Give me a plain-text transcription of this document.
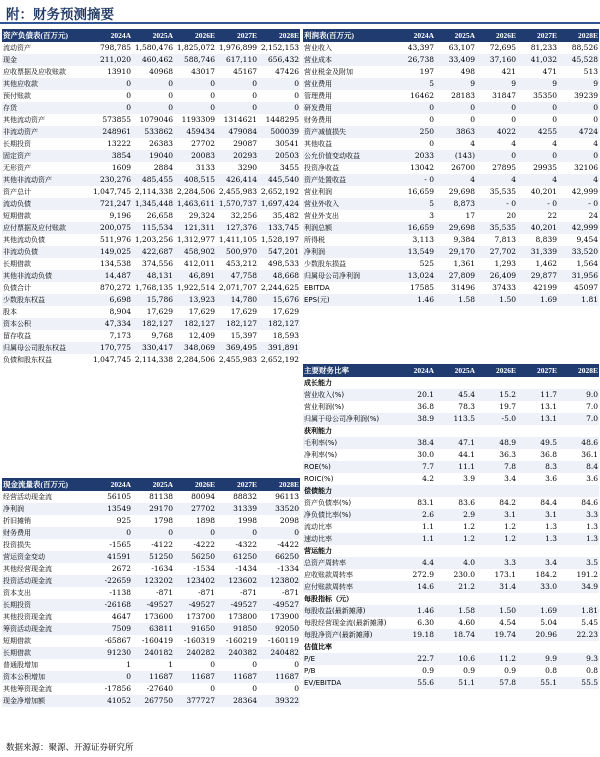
附：财务预测摘要
资产负债表(百万元)	2024A	2025A	2026E	2027E	2028E
流动资产	798,785	1,580,476	1,825,072	1,976,899	2,152,153
现金	211,020	460,462	588,746	617,110	656,432
应收票据及应收账款	13910	40968	43017	45167	47426
其他应收款	0	0	0	0	0
预付账款	0	0	0	0	0
存货	0	0	0	0	0
其他流动资产	573855	1079046	1193309	1314621	1448295
非流动资产	248961	533862	459434	479084	500039
长期投资	13222	26383	27702	29087	30541
固定资产	3854	19040	20083	20293	20503
无形资产	1609	2884	3133	3290	3455
其他非流动资产	230,276	485,455	408,515	426,414	445,540
资产总计	1,047,745	2,114,338	2,284,506	2,455,983	2,652,192
流动负债	721,247	1,345,448	1,463,611	1,570,737	1,697,424
短期借款	9,196	26,658	29,324	32,256	35,482
应付票据及应付账款	200,075	115,534	121,311	127,376	133,745
其他流动负债	511,976	1,203,256	1,312,977	1,411,105	1,528,197
非流动负债	149,025	422,687	458,902	500,970	547,201
长期借款	134,538	374,556	412,011	453,212	498,533
其他非流动负债	14,487	48,131	46,891	47,758	48,668
负债合计	870,272	1,768,135	1,922,514	2,071,707	2,244,625
少数股东权益	6,698	15,786	13,923	14,780	15,676
股本	8,904	17,629	17,629	17,629	17,629
资本公积	47,334	182,127	182,127	182,127	182,127
留存收益	7,173	9,768	12,409	15,397	18,593
归属母公司股东权益	170,775	330,417	348,069	369,495	391,891
负债和股东权益	1,047,745	2,114,338	2,284,506	2,455,983	2,652,192
利润表(百万元)	2024A	2025A	2026E	2027E	2028E
营业收入	43,397	63,107	72,695	81,233	88,526
营业成本	26,738	33,409	37,160	41,032	45,528
营业税金及附加	197	498	421	471	513
营业费用	5	9	9	9	9
管理费用	16462	28183	31847	35350	39239
研发费用	0	0	0	0	0
财务费用	0	0	0	0	0
资产减值损失	250	3863	4022	4255	4724
其他收益	0	4	4	4	4
公允价值变动收益	2033	(143)	0	0	0
投资净收益	13042	26700	27895	29935	32106
资产处置收益	- 0	4	4	4	4
营业利润	16,659	29,698	35,535	40,201	42,999
营业外收入	5	8,873	- 0	- 0	- 0
营业外支出	3	17	20	22	24
利润总额	16,659	29,698	35,535	40,201	42,999
所得税	3,113	9,384	7,813	8,839	9,454
净利润	13,549	29,170	27,702	31,339	33,520
少数股东损益	525	1,361	1,293	1,462	1,564
归属母公司净利润	13,024	27,809	26,409	29,877	31,956
EBITDA	17585	31496	37433	42199	45097
EPS(元)	1.46	1.58	1.50	1.69	1.81
主要财务比率	2024A	2025A	2026E	2027E	2028E
成长能力					
营业收入(%)	20.1	45.4	15.2	11.7	9.0
营业利润(%)	36.8	78.3	19.7	13.1	7.0
归属于母公司净利润(%)	38.9	113.5	-5.0	13.1	7.0
获利能力					
毛利率(%)	38.4	47.1	48.9	49.5	48.6
净利率(%)	30.0	44.1	36.3	36.8	36.1
ROE(%)	7.7	11.1	7.8	8.3	8.4
ROIC(%)	4.2	3.9	3.4	3.6	3.6
偿债能力					
资产负债率(%)	83.1	83.6	84.2	84.4	84.6
净负债比率(%)	2.6	2.9	3.1	3.1	3.3
流动比率	1.1	1.2	1.2	1.3	1.3
速动比率	1.1	1.2	1.2	1.3	1.3
营运能力					
总资产周转率	4.4	4.0	3.3	3.4	3.5
应收账款周转率	272.9	230.0	173.1	184.2	191.2
应付账款周转率	14.6	21.2	31.4	33.0	34.9
每股指标（元）					
每股收益(最新摊薄)	1.46	1.58	1.50	1.69	1.81
每股经营现金流(最新摊薄)	6.30	4.60	4.54	5.04	5.45
每股净资产(最新摊薄)	19.18	18.74	19.74	20.96	22.23
估值比率					
P/E	22.7	10.6	11.2	9.9	9.3
P/B	0.9	0.9	0.9	0.8	0.8
EV/EBITDA	55.6	51.1	57.8	55.1	55.5
现金流量表(百万元)	2024A	2025A	2026E	2027E	2028E
经营活动现金流	56105	81138	80094	88832	96113
净利润	13549	29170	27702	31339	33520
折旧摊销	925	1798	1898	1998	2098
财务费用	0	0	0	0	0
投资损失	-1565	-4122	-4222	-4322	-4422
营运资金变动	41591	51250	56250	61250	66250
其他经营现金流	2672	-1634	-1534	-1434	-1334
投资活动现金流	-22659	123202	123402	123602	123802
资本支出	-1138	-871	-871	-871	-871
长期投资	-26168	-49527	-49527	-49527	-49527
其他投资现金流	4647	173600	173700	173800	173900
筹资活动现金流	7509	63811	91650	91850	92050
短期借款	-65867	-160419	-160319	-160219	-160119
长期借款	91230	240182	240282	240382	240482
普通股增加	1	1	0	0	0
资本公积增加	0	11687	11687	11687	11687
其他筹资现金流	-17856	-27640	0	0	0
现金净增加额	41052	267750	377727	28364	39322
数据来源：聚源、开源证券研究所
